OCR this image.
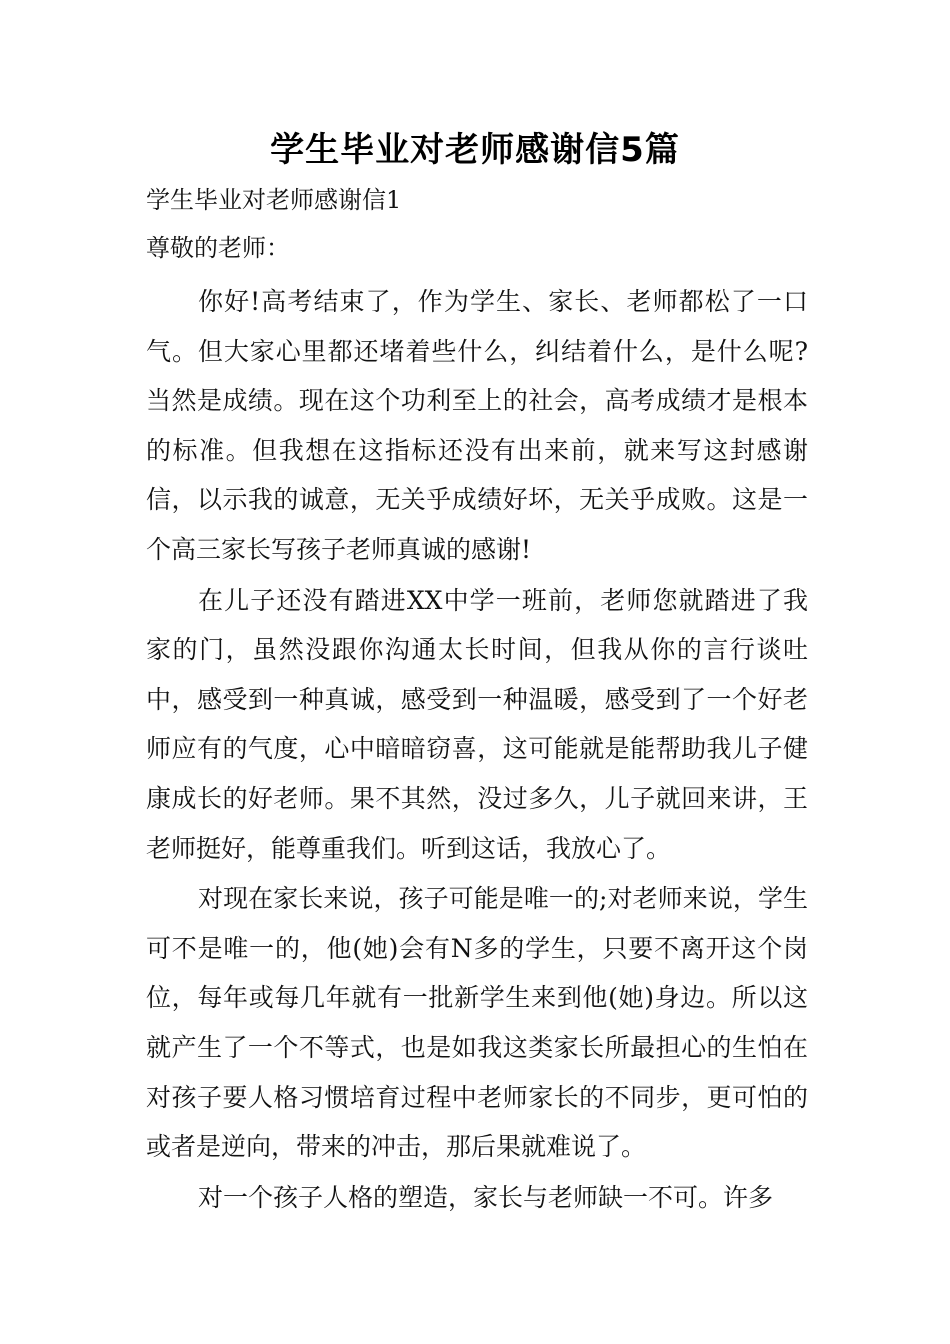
学生毕业对老师感谢信5篇
学生毕业对老师感谢信1
尊敬的老师：

你好!高考结束了，作为学生、家长、老师都松了一口气。但大家心里都还堵着些什么，纠结着什么，是什么呢?当然是成绩。现在这个功利至上的社会，高考成绩才是根本的标准。但我想在这指标还没有出来前，就来写这封感谢信，以示我的诚意，无关乎成绩好坏，无关乎成败。这是一个高三家长写孩子老师真诚的感谢!

在儿子还没有踏进XX中学一班前，老师您就踏进了我家的门，虽然没跟你沟通太长时间，但我从你的言行谈吐中，感受到一种真诚，感受到一种温暖，感受到了一个好老师应有的气度，心中暗暗窃喜，这可能就是能帮助我儿子健康成长的好老师。果不其然，没过多久，儿子就回来讲，王老师挺好，能尊重我们。听到这话，我放心了。

对现在家长来说，孩子可能是唯一的;对老师来说，学生可不是唯一的，他(她)会有N多的学生，只要不离开这个岗位，每年或每几年就有一批新学生来到他(她)身边。所以这就产生了一个不等式，也是如我这类家长所最担心的生怕在对孩子要人格习惯培育过程中老师家长的不同步，更可怕的或者是逆向，带来的冲击，那后果就难说了。

对一个孩子人格的塑造，家长与老师缺一不可。许多
